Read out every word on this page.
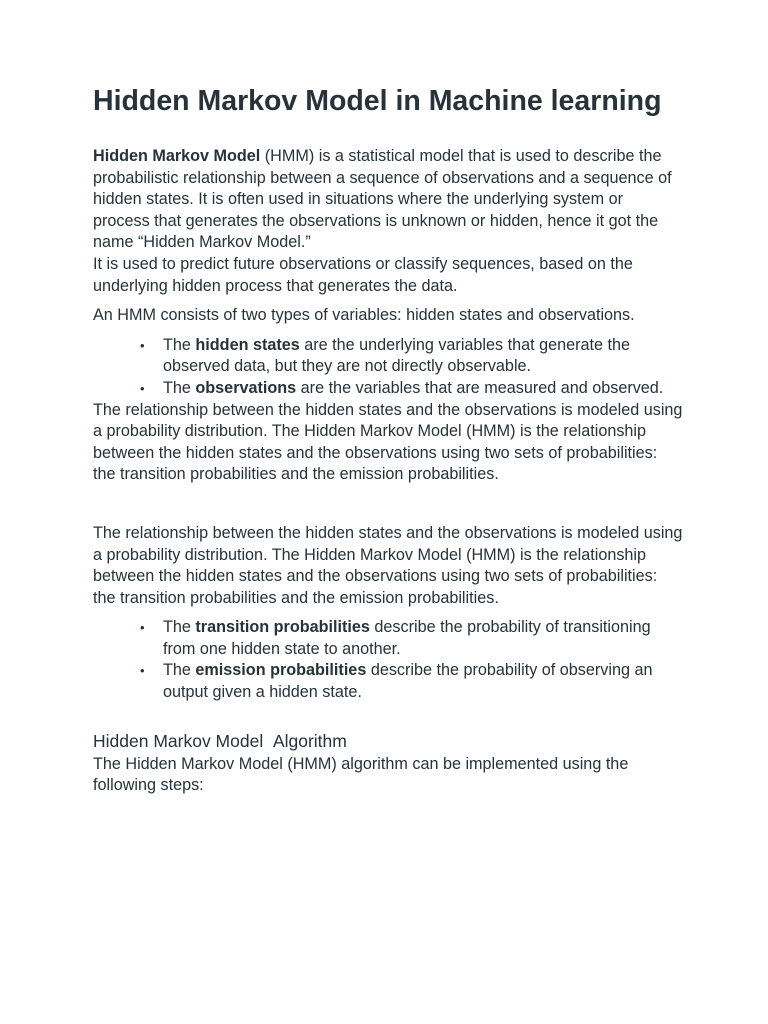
Hidden Markov Model in Machine learning

Hidden Markov Model (HMM) is a statistical model that is used to describe the probabilistic relationship between a sequence of observations and a sequence of hidden states. It is often used in situations where the underlying system or process that generates the observations is unknown or hidden, hence it got the name “Hidden Markov Model.”
It is used to predict future observations or classify sequences, based on the underlying hidden process that generates the data.

An HMM consists of two types of variables: hidden states and observations.

• The hidden states are the underlying variables that generate the observed data, but they are not directly observable.
• The observations are the variables that are measured and observed.

The relationship between the hidden states and the observations is modeled using a probability distribution. The Hidden Markov Model (HMM) is the relationship between the hidden states and the observations using two sets of probabilities: the transition probabilities and the emission probabilities.

The relationship between the hidden states and the observations is modeled using a probability distribution. The Hidden Markov Model (HMM) is the relationship between the hidden states and the observations using two sets of probabilities: the transition probabilities and the emission probabilities.

• The transition probabilities describe the probability of transitioning from one hidden state to another.
• The emission probabilities describe the probability of observing an output given a hidden state.
Hidden Markov Model  Algorithm

The Hidden Markov Model (HMM) algorithm can be implemented using the following steps:
